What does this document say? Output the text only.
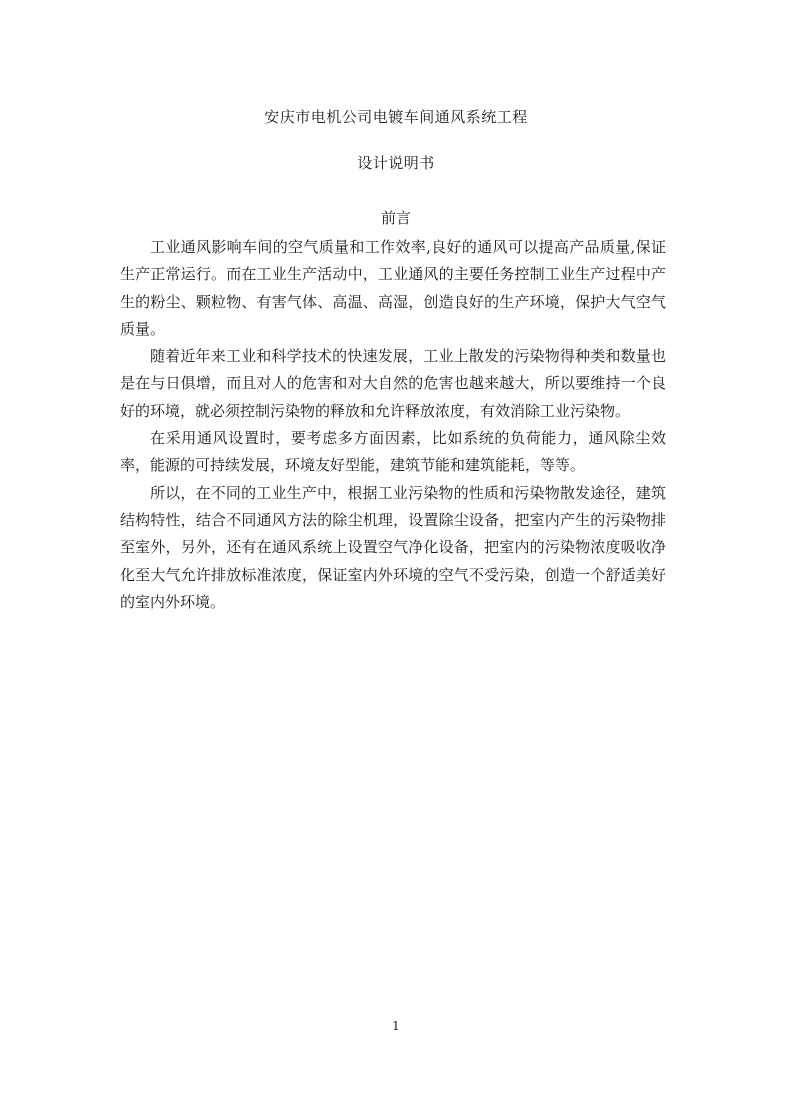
安庆市电机公司电镀车间通风系统工程
设计说明书
前言

工业通风影响车间的空气质量和工作效率,良好的通风可以提高产品质量,保证生产正常运行。而在工业生产活动中，工业通风的主要任务控制工业生产过程中产生的粉尘、颗粒物、有害气体、高温、高湿，创造良好的生产环境，保护大气空气质量。

随着近年来工业和科学技术的快速发展，工业上散发的污染物得种类和数量也是在与日俱增，而且对人的危害和对大自然的危害也越来越大，所以要维持一个良好的环境，就必须控制污染物的释放和允许释放浓度，有效消除工业污染物。

在采用通风设置时，要考虑多方面因素，比如系统的负荷能力，通风除尘效率，能源的可持续发展，环境友好型能，建筑节能和建筑能耗，等等。

所以，在不同的工业生产中，根据工业污染物的性质和污染物散发途径，建筑结构特性，结合不同通风方法的除尘机理，设置除尘设备，把室内产生的污染物排至室外，另外，还有在通风系统上设置空气净化设备，把室内的污染物浓度吸收净化至大气允许排放标准浓度，保证室内外环境的空气不受污染，创造一个舒适美好的室内外环境。

1
